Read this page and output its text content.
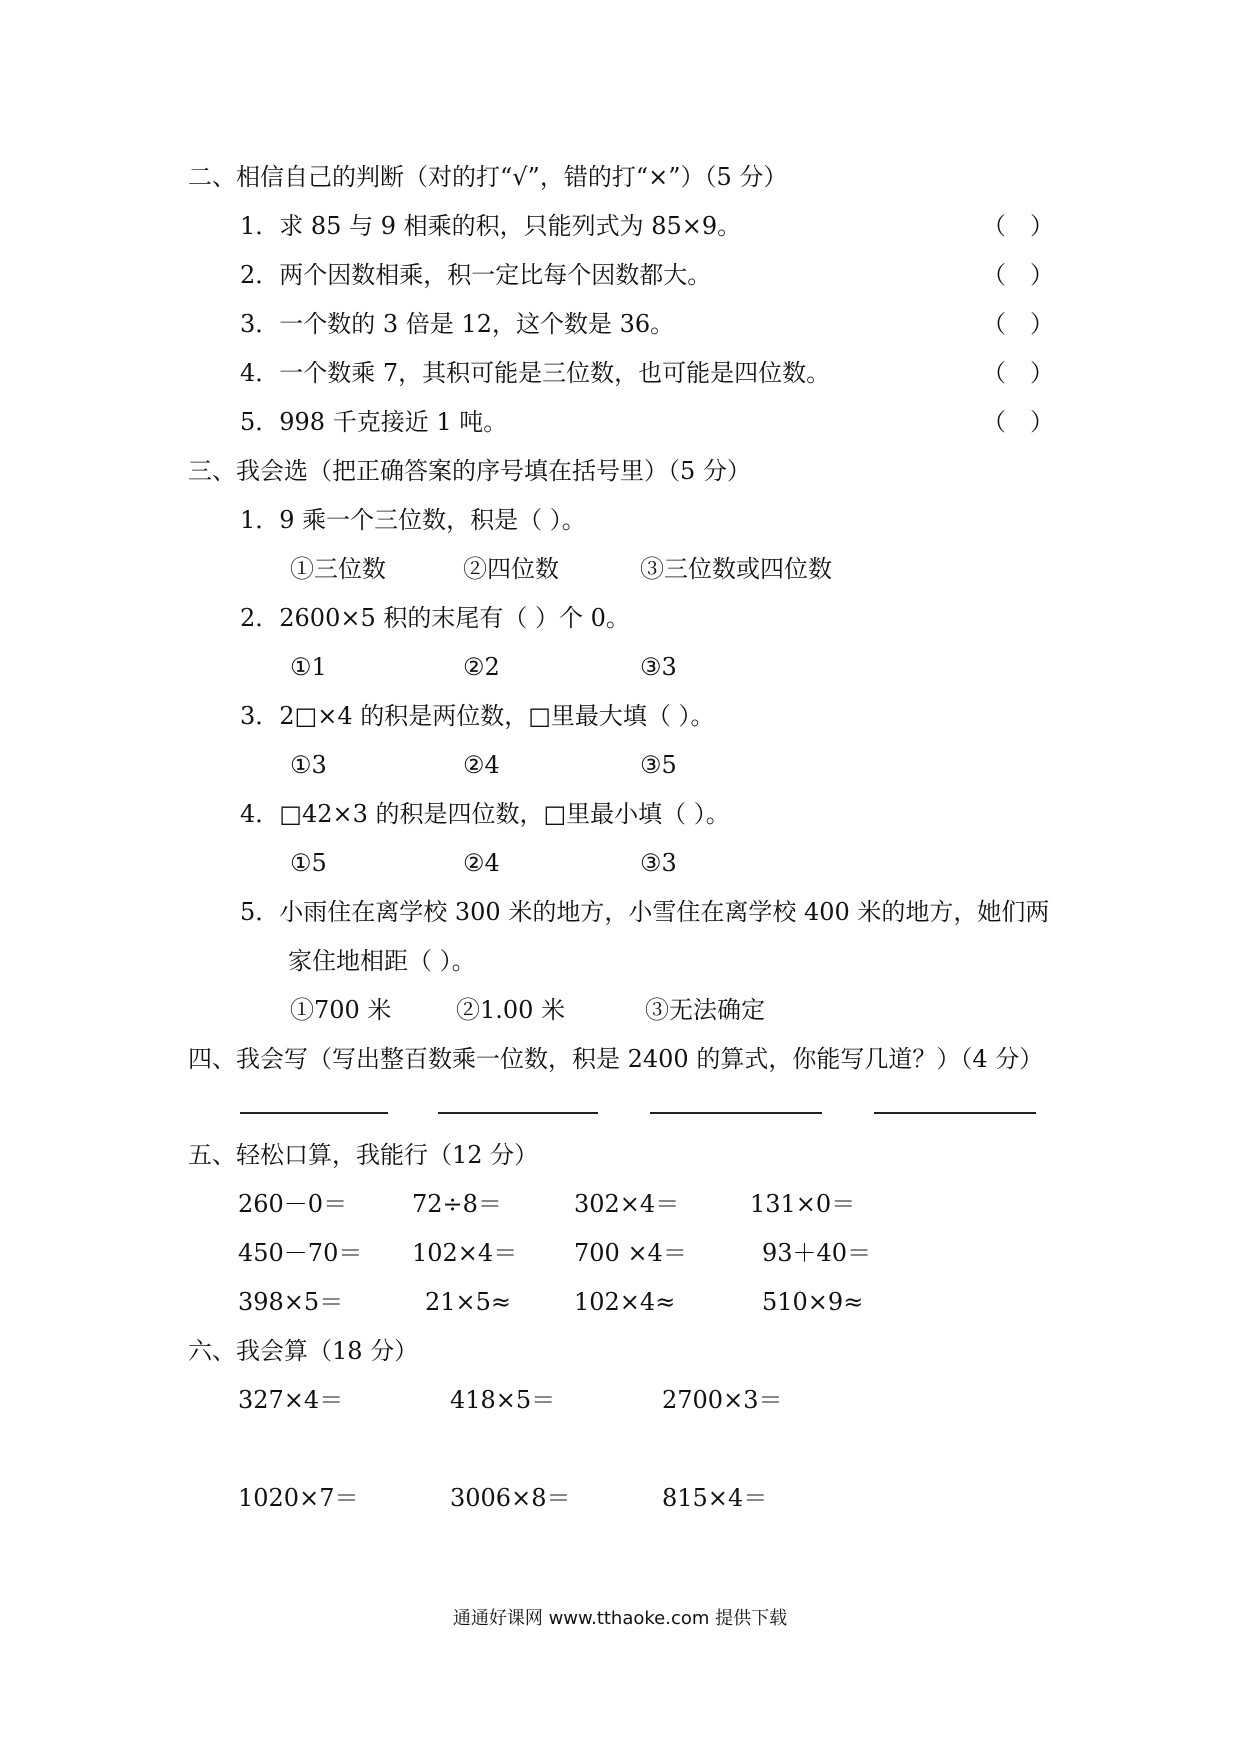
二、相信自己的判断（对的打“√”，错的打“×”）（5 分）
1．求 85 与 9 相乘的积，只能列式为 85×9。	（ ）
2．两个因数相乘，积一定比每个因数都大。	（ ）
3．一个数的 3 倍是 12，这个数是 36。	（ ）
4．一个数乘 7，其积可能是三位数，也可能是四位数。	（ ）
5．998 千克接近 1 吨。	（ ）
三、我会选（把正确答案的序号填在括号里）（5 分）
1．9 乘一个三位数，积是（ ）。
①三位数	②四位数	③三位数或四位数
2．2600×5 积的末尾有（ ）个 0。
①1	②2	③3
3．2□×4 的积是两位数，□里最大填（ ）。
①3	②4	③5
4．□42×3 的积是四位数，□里最小填（ ）。
①5	②4	③3
5．小雨住在离学校 300 米的地方，小雪住在离学校 400 米的地方，她们两
家住地相距（ ）。
①700 米	②1.00 米	③无法确定
四、我会写（写出整百数乘一位数，积是 2400 的算式，你能写几道？）（4 分）
五、轻松口算，我能行（12 分）
260－0＝	72÷8＝	302×4＝	131×0＝
450－70＝ 102×4＝ 700 ×4＝	93＋40＝
398×5＝	21×5≈	102×4≈	510×9≈
六、我会算（18 分）
327×4＝	418×5＝	2700×3＝
1020×7＝	3006×8＝	815×4＝
通通好课网 www.tthaoke.com 提供下载
